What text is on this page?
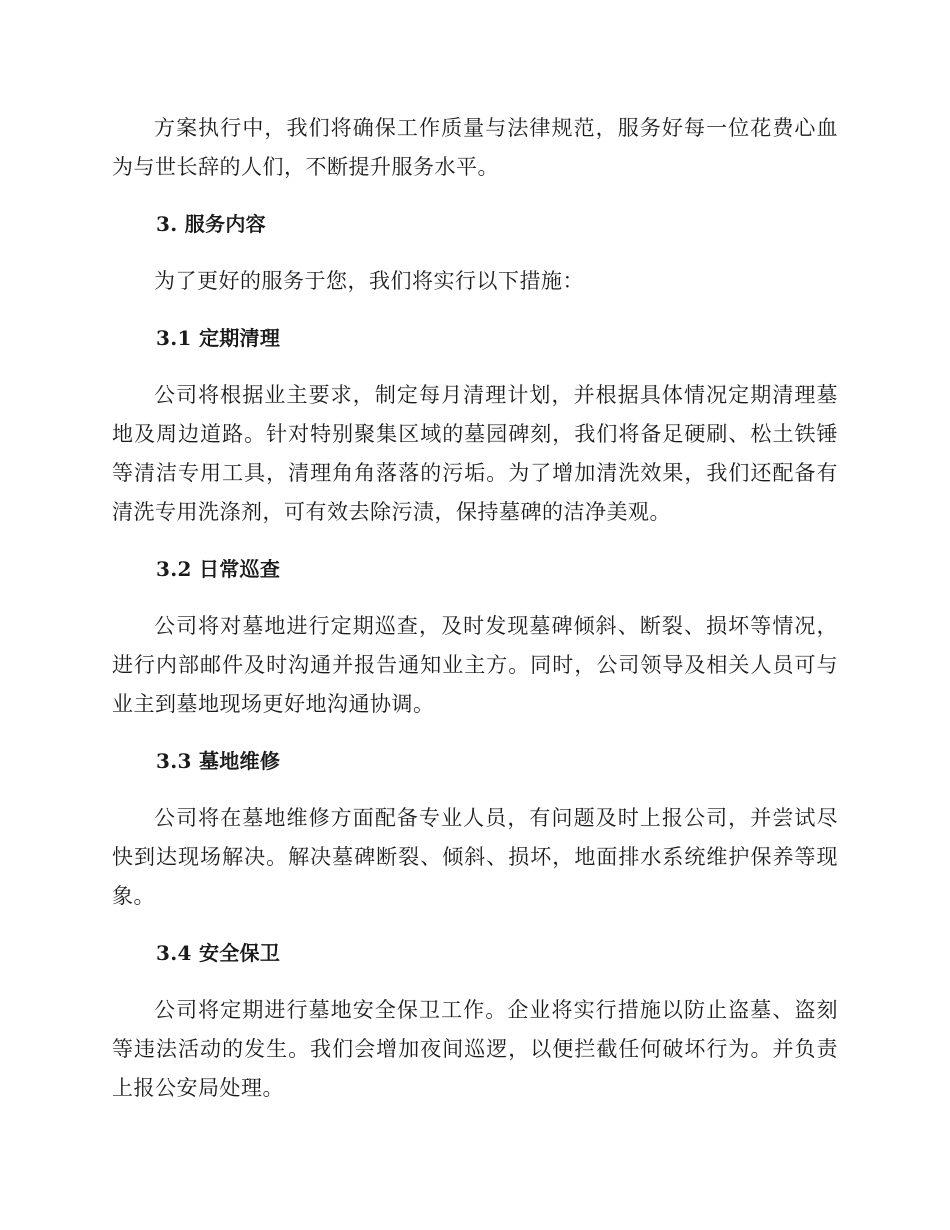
方案执行中，我们将确保工作质量与法律规范，服务好每一位花费心血为与世长辞的人们，不断提升服务水平。

3. 服务内容

为了更好的服务于您，我们将实行以下措施：

3.1 定期清理

公司将根据业主要求，制定每月清理计划，并根据具体情况定期清理墓地及周边道路。针对特别聚集区域的墓园碑刻，我们将备足硬刷、松土铁锤等清洁专用工具，清理角角落落的污垢。为了增加清洗效果，我们还配备有清洗专用洗涤剂，可有效去除污渍，保持墓碑的洁净美观。

3.2 日常巡查

公司将对墓地进行定期巡查，及时发现墓碑倾斜、断裂、损坏等情况，进行内部邮件及时沟通并报告通知业主方。同时，公司领导及相关人员可与业主到墓地现场更好地沟通协调。

3.3 墓地维修

公司将在墓地维修方面配备专业人员，有问题及时上报公司，并尝试尽快到达现场解决。解决墓碑断裂、倾斜、损坏，地面排水系统维护保养等现象。

3.4 安全保卫

公司将定期进行墓地安全保卫工作。企业将实行措施以防止盗墓、盗刻等违法活动的发生。我们会增加夜间巡逻，以便拦截任何破坏行为。并负责上报公安局处理。
